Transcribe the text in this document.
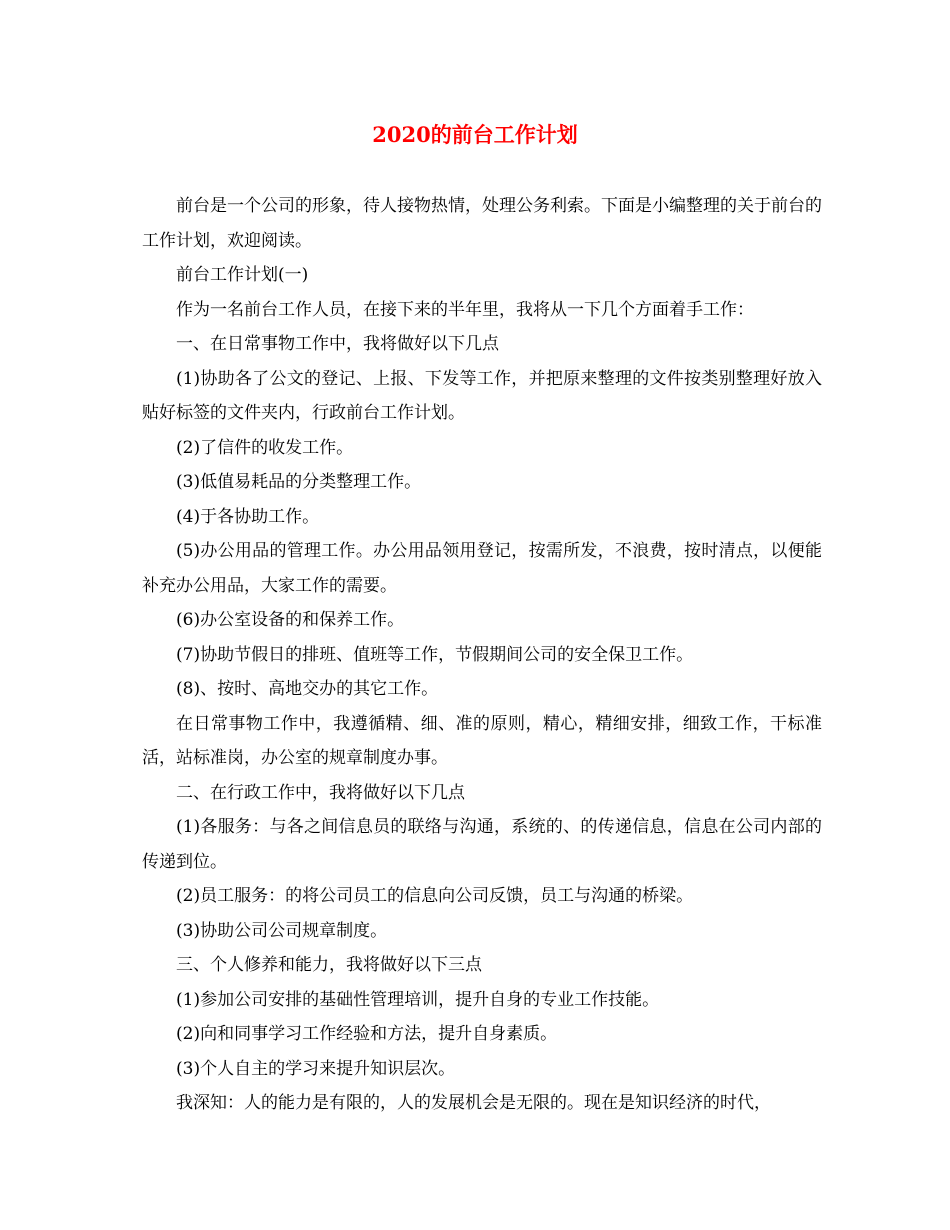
2020的前台工作计划

前台是一个公司的形象，待人接物热情，处理公务利索。下面是小编整理的关于前台的工作计划，欢迎阅读。

前台工作计划(一)

作为一名前台工作人员，在接下来的半年里，我将从一下几个方面着手工作：

一、在日常事物工作中，我将做好以下几点

(1)协助各了公文的登记、上报、下发等工作，并把原来整理的文件按类别整理好放入贴好标签的文件夹内，行政前台工作计划。

(2)了信件的收发工作。

(3)低值易耗品的分类整理工作。

(4)于各协助工作。

(5)办公用品的管理工作。办公用品领用登记，按需所发，不浪费，按时清点，以便能补充办公用品，大家工作的需要。

(6)办公室设备的和保养工作。

(7)协助节假日的排班、值班等工作，节假期间公司的安全保卫工作。

(8)、按时、高地交办的其它工作。

在日常事物工作中，我遵循精、细、准的原则，精心，精细安排，细致工作，干标准活，站标准岗，办公室的规章制度办事。

二、在行政工作中，我将做好以下几点

(1)各服务：与各之间信息员的联络与沟通，系统的、的传递信息，信息在公司内部的传递到位。

(2)员工服务：的将公司员工的信息向公司反馈，员工与沟通的桥梁。

(3)协助公司公司规章制度。

三、个人修养和能力，我将做好以下三点

(1)参加公司安排的基础性管理培训，提升自身的专业工作技能。

(2)向和同事学习工作经验和方法，提升自身素质。

(3)个人自主的学习来提升知识层次。

我深知：人的能力是有限的，人的发展机会是无限的。现在是知识经济的时代，
